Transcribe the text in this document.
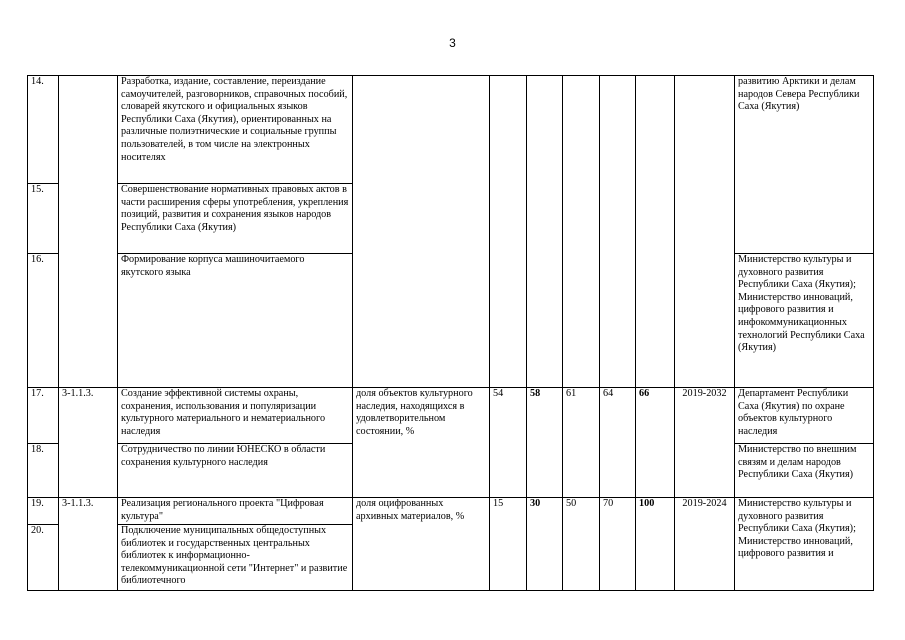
3
14.		Разработка, издание, составление, переиздание самоучителей, разговорников, справочных пособий, словарей якутского и официальных языков Республики Саха (Якутия), ориентированных на различные полиэтнические и социальные группы пользователей, в том числе на электронных носителях								развитию Арктики и делам народов Севера Республики Саха (Якутия)
15.		Совершенствование нормативных правовых актов в части расширения сферы употребления, укрепления позиций, развития и сохранения языков народов Республики Саха (Якутия)								
16.		Формирование корпуса машиночитаемого якутского языка								Министерство культуры и духовного развития Республики Саха (Якутия); Министерство инноваций, цифрового развития и инфокоммуникационных технологий Республики Саха (Якутия)
17.	3-1.1.3.	Создание эффективной системы охраны, сохранения, использования и популяризации культурного материального и нематериального наследия	доля объектов культурного наследия, находящихся в удовлетворительном состоянии, %	54	58	61	64	66	2019-2032	Департамент Республики Саха (Якутия) по охране объектов культурного наследия
18.		Сотрудничество по линии ЮНЕСКО в области сохранения культурного наследия								Министерство по внешним связям и делам народов Республики Саха (Якутия)
19.	3-1.1.3.	Реализация регионального проекта "Цифровая культура"	доля оцифрованных архивных материалов, %	15	30	50	70	100	2019-2024	Министерство культуры и духовного развития Республики Саха (Якутия); Министерство инноваций, цифрового развития и
20.		Подключение муниципальных общедоступных библиотек и государственных центральных библиотек к информационно-телекоммуникационной сети "Интернет" и развитие библиотечного								
